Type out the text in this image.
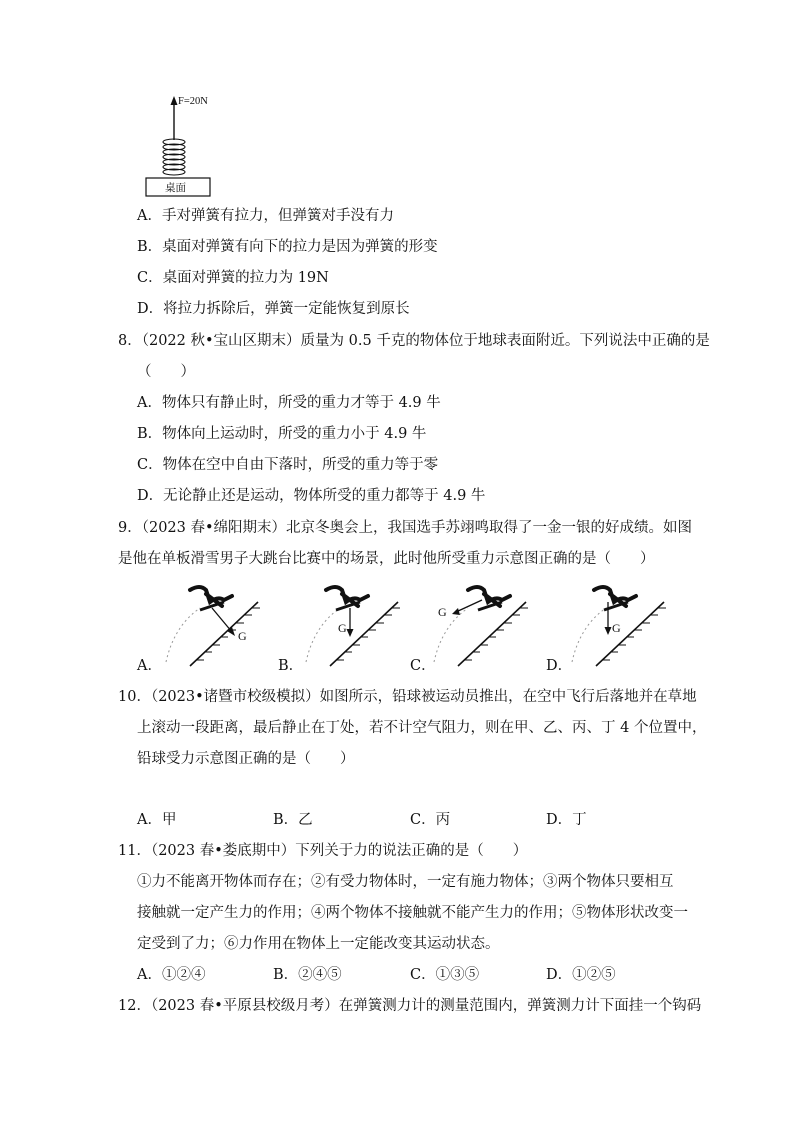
F=20N
桌面
A．手对弹簧有拉力，但弹簧对手没有力
B．桌面对弹簧有向下的拉力是因为弹簧的形变
C．桌面对弹簧的拉力为 19N
D．将拉力拆除后，弹簧一定能恢复到原长
8．（2022 秋•宝山区期末）质量为 0.5 千克的物体位于地球表面附近。下列说法中正确的是
（　　）
A．物体只有静止时，所受的重力才等于 4.9 牛
B．物体向上运动时，所受的重力小于 4.9 牛
C．物体在空中自由下落时，所受的重力等于零
D．无论静止还是运动，物体所受的重力都等于 4.9 牛
9．（2023 春•绵阳期末）北京冬奥会上，我国选手苏翊鸣取得了一金一银的好成绩。如图
是他在单板滑雪男子大跳台比赛中的场景，此时他所受重力示意图正确的是（　　）
G
A．
G
B．
G
C．
G
D．
10．（2023•诸暨市校级模拟）如图所示，铅球被运动员推出，在空中飞行后落地并在草地
上滚动一段距离，最后静止在丁处，若不计空气阻力，则在甲、乙、丙、丁 4 个位置中，
铅球受力示意图正确的是（　　）
A．甲	B．乙	C．丙	D．丁
11．（2023 春•娄底期中）下列关于力的说法正确的是（　　）
①力不能离开物体而存在；②有受力物体时，一定有施力物体；③两个物体只要相互
接触就一定产生力的作用；④两个物体不接触就不能产生力的作用；⑤物体形状改变一
定受到了力；⑥力作用在物体上一定能改变其运动状态。
A．①②④	B．②④⑤	C．①③⑤	D．①②⑤
12．（2023 春•平原县校级月考）在弹簧测力计的测量范围内，弹簧测力计下面挂一个钩码
